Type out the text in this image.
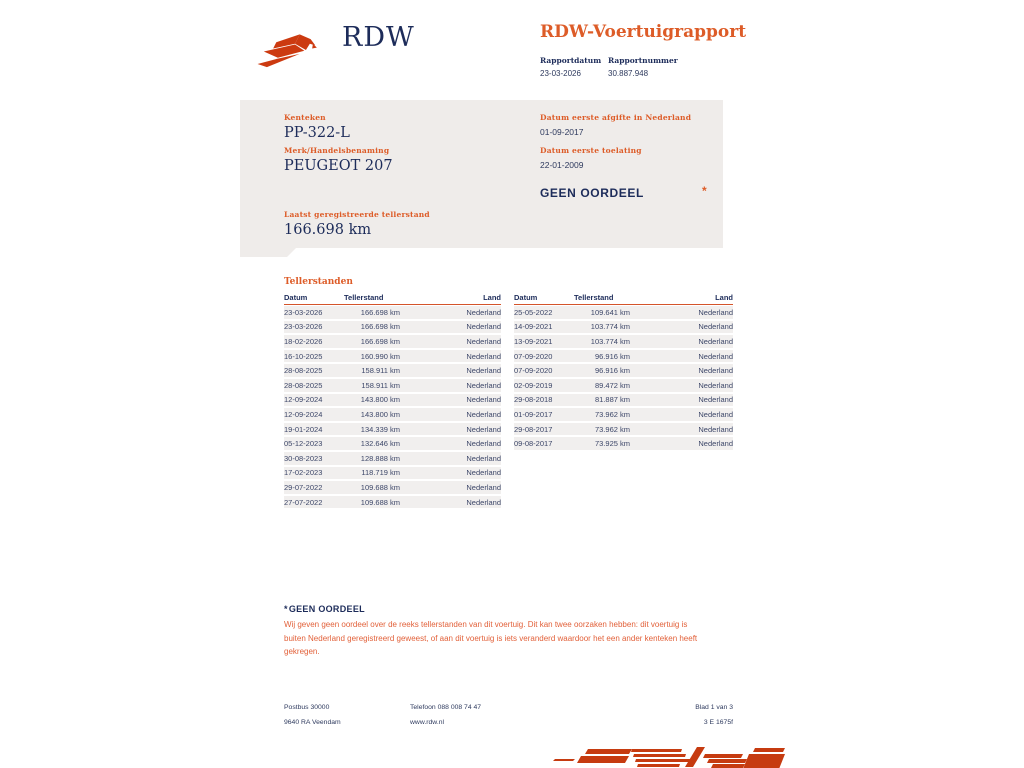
RDW	RDW-Voertuigrapport
Rapportdatum
23-03-2026
Rapportnummer
30.887.948
Kenteken
PP-322-L
Merk/Handelsbenaming
PEUGEOT 207
Laatst geregistreerde tellerstand
166.698 km
Datum eerste afgifte in Nederland
01-09-2017
Datum eerste toelating
22-01-2009
GEEN OORDEEL	*
Tellerstanden
Datum	Tellerstand	Land
23-03-2026	166.698 km	Nederland
23-03-2026	166.698 km	Nederland
18-02-2026	166.698 km	Nederland
16-10-2025	160.990 km	Nederland
28-08-2025	158.911 km	Nederland
28-08-2025	158.911 km	Nederland
12-09-2024	143.800 km	Nederland
12-09-2024	143.800 km	Nederland
19-01-2024	134.339 km	Nederland
05-12-2023	132.646 km	Nederland
30-08-2023	128.888 km	Nederland
17-02-2023	118.719 km	Nederland
29-07-2022	109.688 km	Nederland
27-07-2022	109.688 km	Nederland
Datum	Tellerstand	Land
25-05-2022	109.641 km	Nederland
14-09-2021	103.774 km	Nederland
13-09-2021	103.774 km	Nederland
07-09-2020	96.916 km	Nederland
07-09-2020	96.916 km	Nederland
02-09-2019	89.472 km	Nederland
29-08-2018	81.887 km	Nederland
01-09-2017	73.962 km	Nederland
29-08-2017	73.962 km	Nederland
09-08-2017	73.925 km	Nederland
*GEEN OORDEEL
Wij geven geen oordeel over de reeks tellerstanden van dit voertuig. Dit kan twee oorzaken hebben: dit voertuig is buiten Nederland geregistreerd geweest, of aan dit voertuig is iets veranderd waardoor het een ander kenteken heeft gekregen.
Postbus 30000
9640 RA Veendam
Telefoon 088 008 74 47
www.rdw.nl
Blad 1 van 3
3 E 1675f
